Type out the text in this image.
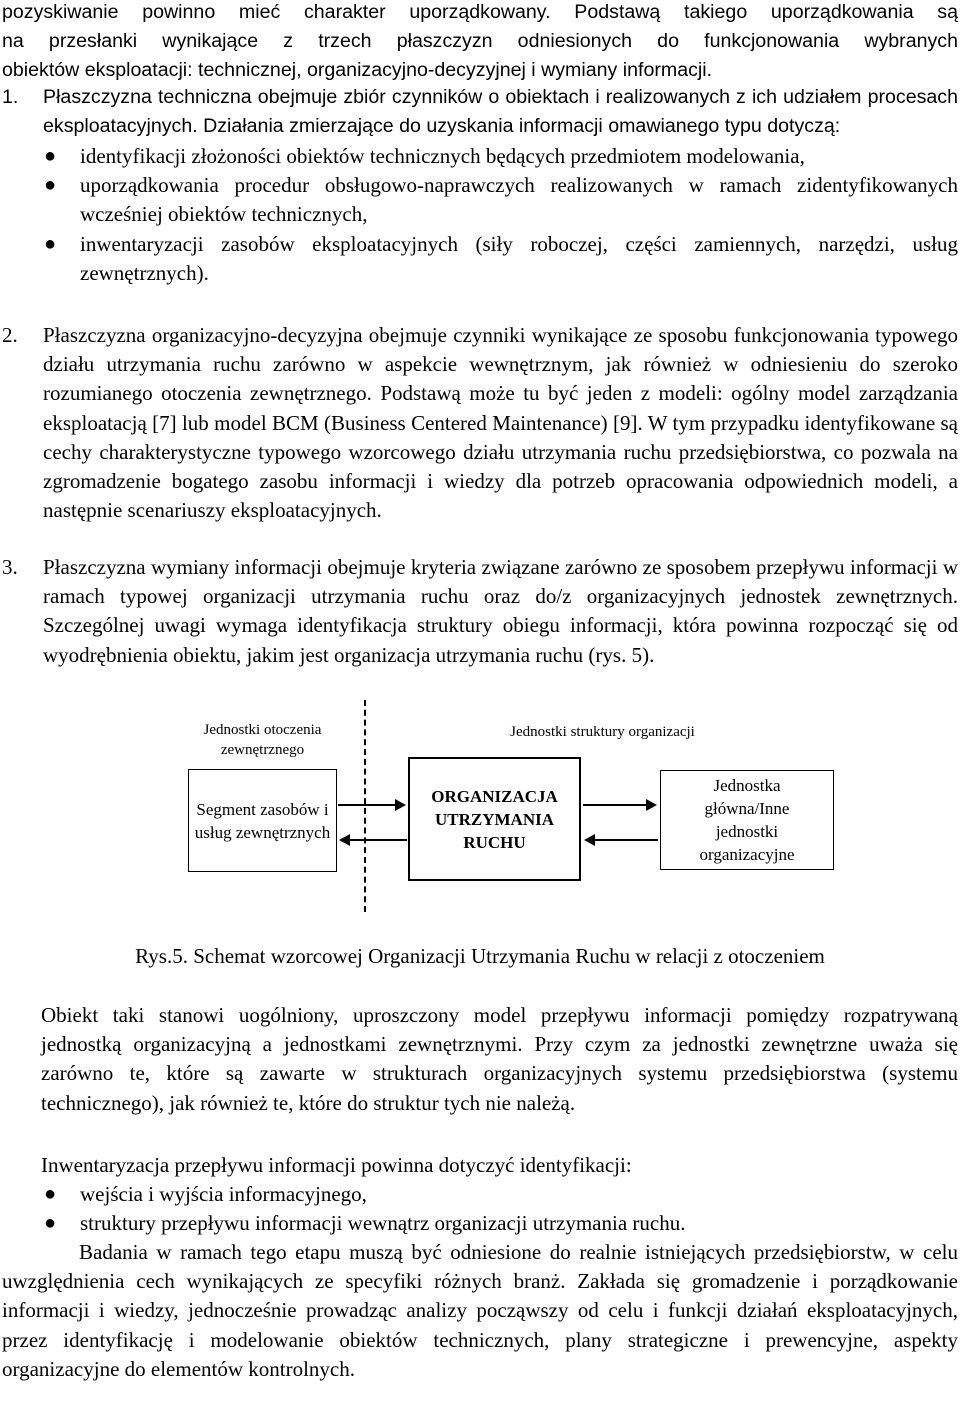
pozyskiwanie powinno mieć charakter uporządkowany. Podstawą takiego uporządkowania są

na przesłanki wynikające z trzech płaszczyzn odniesionych do funkcjonowania wybranych

obiektów eksploatacji: technicznej, organizacyjno-decyzyjnej i wymiany informacji.

1. Płaszczyzna techniczna obejmuje zbiór czynników o obiektach i realizowanych z ich udziałem procesach eksploatacyjnych. Działania zmierzające do uzyskania informacji omawianego typu dotyczą:

● identyfikacji złożoności obiektów technicznych będących przedmiotem modelowania,

● uporządkowania procedur obsługowo-naprawczych realizowanych w ramach zidentyfikowanych wcześniej obiektów technicznych,

● inwentaryzacji zasobów eksploatacyjnych (siły roboczej, części zamiennych, narzędzi, usług zewnętrznych).

2. Płaszczyzna organizacyjno-decyzyjna obejmuje czynniki wynikające ze sposobu funkcjonowania typowego działu utrzymania ruchu zarówno w aspekcie wewnętrznym, jak również w odniesieniu do szeroko rozumianego otoczenia zewnętrznego. Podstawą może tu być jeden z modeli: ogólny model zarządzania eksploatacją [7] lub model BCM (Business Centered Maintenance) [9]. W tym przypadku identyfikowane są cechy charakterystyczne typowego wzorcowego działu utrzymania ruchu przedsiębiorstwa, co pozwala na zgromadzenie bogatego zasobu informacji i wiedzy dla potrzeb opracowania odpowiednich modeli, a następnie scenariuszy eksploatacyjnych.

3. Płaszczyzna wymiany informacji obejmuje kryteria związane zarówno ze sposobem przepływu informacji w ramach typowej organizacji utrzymania ruchu oraz do/z organizacyjnych jednostek zewnętrznych. Szczególnej uwagi wymaga identyfikacja struktury obiegu informacji, która powinna rozpocząć się od wyodrębnienia obiektu, jakim jest organizacja utrzymania ruchu (rys. 5).

Jednostki otoczenia zewnętrznego
Jednostki struktury organizacji
Segment zasobów i usług zewnętrznych
ORGANIZACJA UTRZYMANIA RUCHU
Jednostka główna/Inne jednostki organizacyjne
Rys.5. Schemat wzorcowej Organizacji Utrzymania Ruchu w relacji z otoczeniem

Obiekt taki stanowi uogólniony, uproszczony model przepływu informacji pomiędzy rozpatrywaną jednostką organizacyjną a jednostkami zewnętrznymi. Przy czym za jednostki zewnętrzne uważa się zarówno te, które są zawarte w strukturach organizacyjnych systemu przedsiębiorstwa (systemu technicznego), jak również te, które do struktur tych nie należą.

Inwentaryzacja przepływu informacji powinna dotyczyć identyfikacji:

● wejścia i wyjścia informacyjnego,

● struktury przepływu informacji wewnątrz organizacji utrzymania ruchu.

Badania w ramach tego etapu muszą być odniesione do realnie istniejących przedsiębiorstw, w celu uwzględnienia cech wynikających ze specyfiki różnych branż. Zakłada się gromadzenie i porządkowanie informacji i wiedzy, jednocześnie prowadząc analizy począwszy od celu i funkcji działań eksploatacyjnych, przez identyfikację i modelowanie obiektów technicznych, plany strategiczne i prewencyjne, aspekty organizacyjne do elementów kontrolnych.
